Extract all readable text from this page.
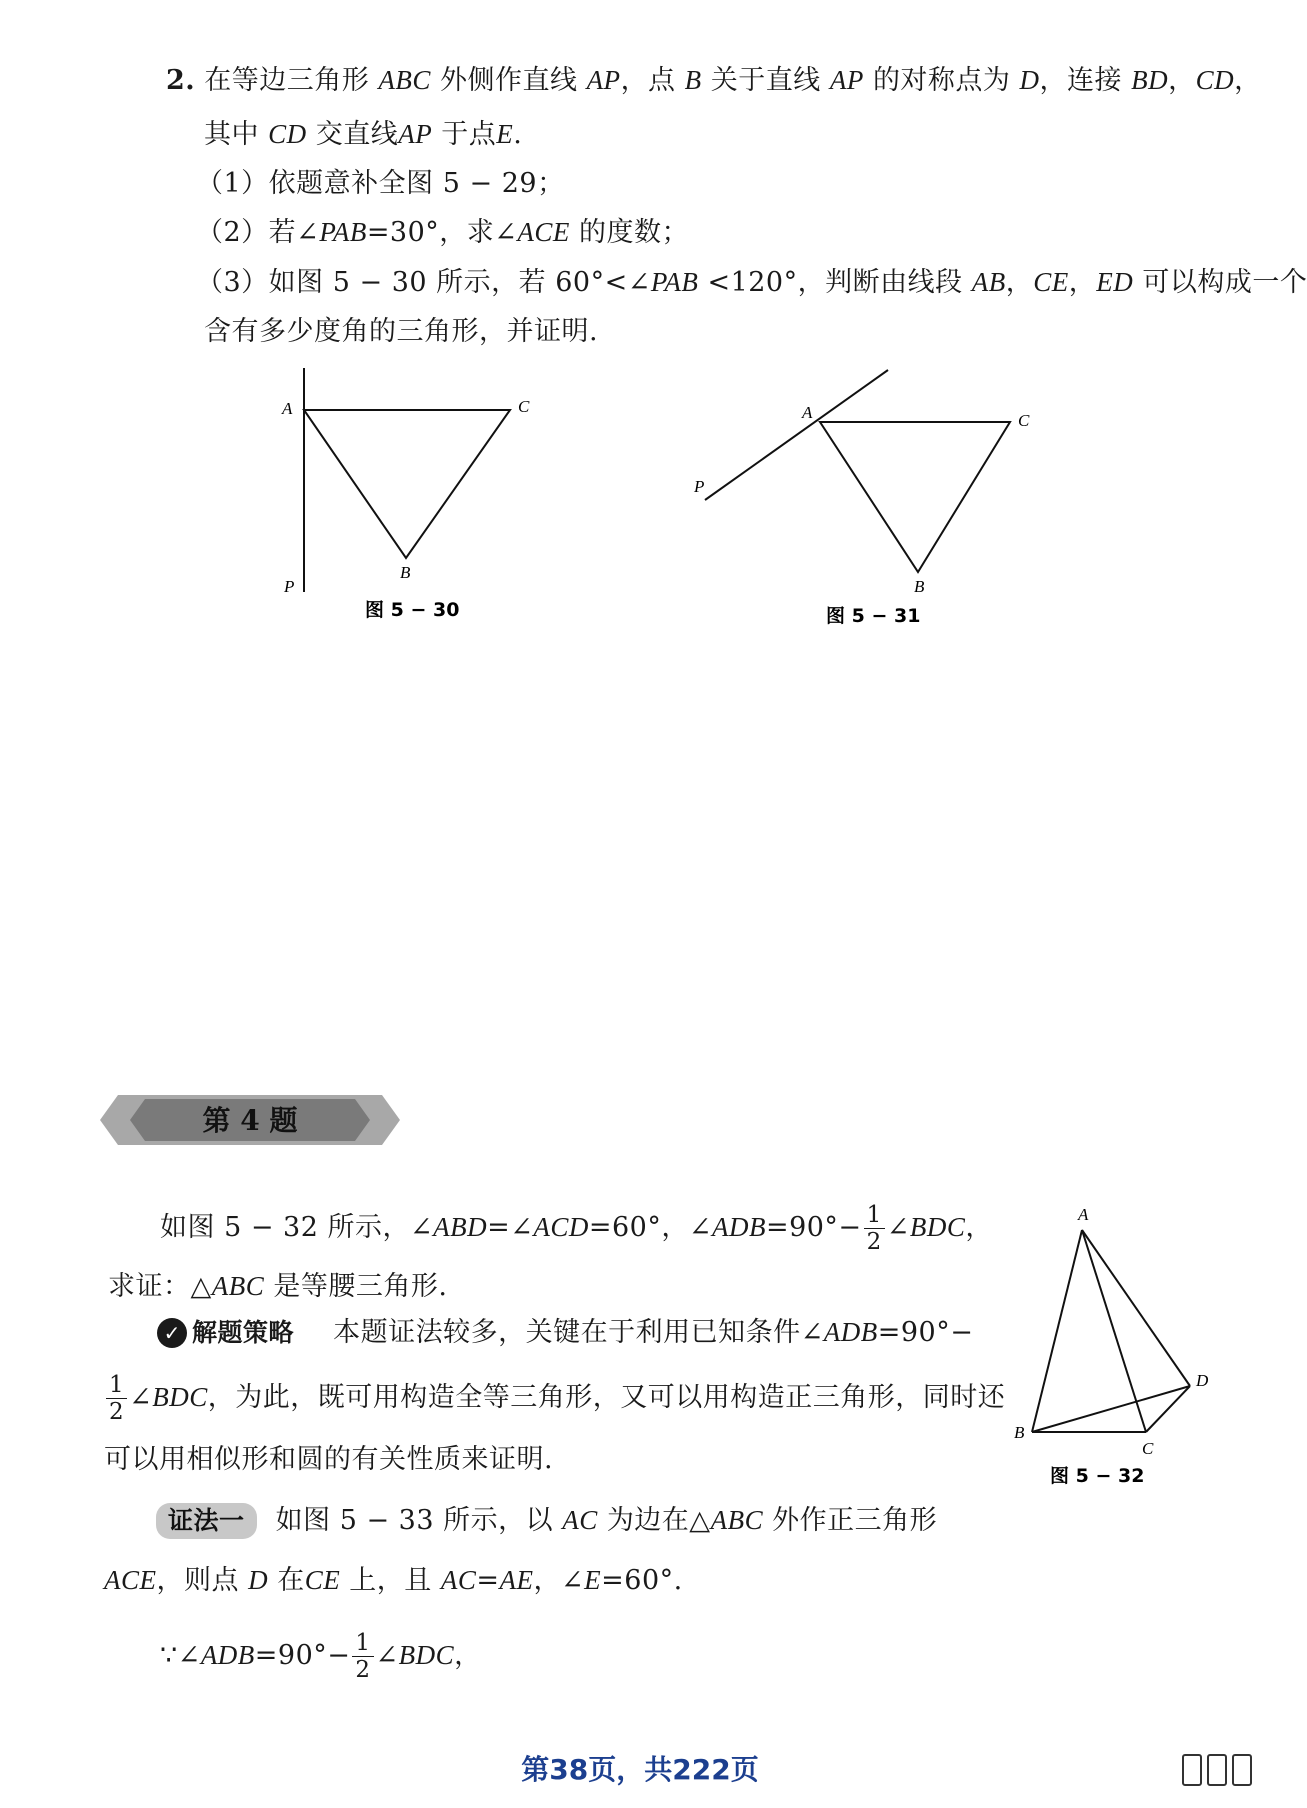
2. 在等边三角形 ABC 外侧作直线 AP，点 B 关于直线 AP 的对称点为 D，连接 BD，CD，
其中 CD 交直线AP 于点E.
（1）依题意补全图 5 − 29；
（2）若∠PAB=30°，求∠ACE 的度数；
（3）如图 5 − 30 所示，若 60°<∠PAB <120°，判断由线段 AB，CE，ED 可以构成一个
含有多少度角的三角形，并证明.
A	C
B
P
图 5 − 30
A	C
B
P
图 5 − 31
第 4 题
如图 5 − 32 所示，∠ABD=∠ACD=60°，∠ADB=90°− $\frac{1}{2}$ ∠BDC，
求证：△ABC 是等腰三角形.
✓ 解题策略 本题证法较多，关键在于利用已知条件∠ADB=90°−
$\frac{1}{2}$ ∠BDC，为此，既可用构造全等三角形，又可以用构造正三角形，同时还
可以用相似形和圆的有关性质来证明.
证法一 如图 5 − 33 所示，以 AC 为边在△ABC 外作正三角形
ACE，则点 D 在CE 上，且 AC=AE，∠E=60°.
∵∠ADB=90°− $\frac{1}{2}$ ∠BDC，
A
B
C
D
图 5 − 32
第38页，共222页
